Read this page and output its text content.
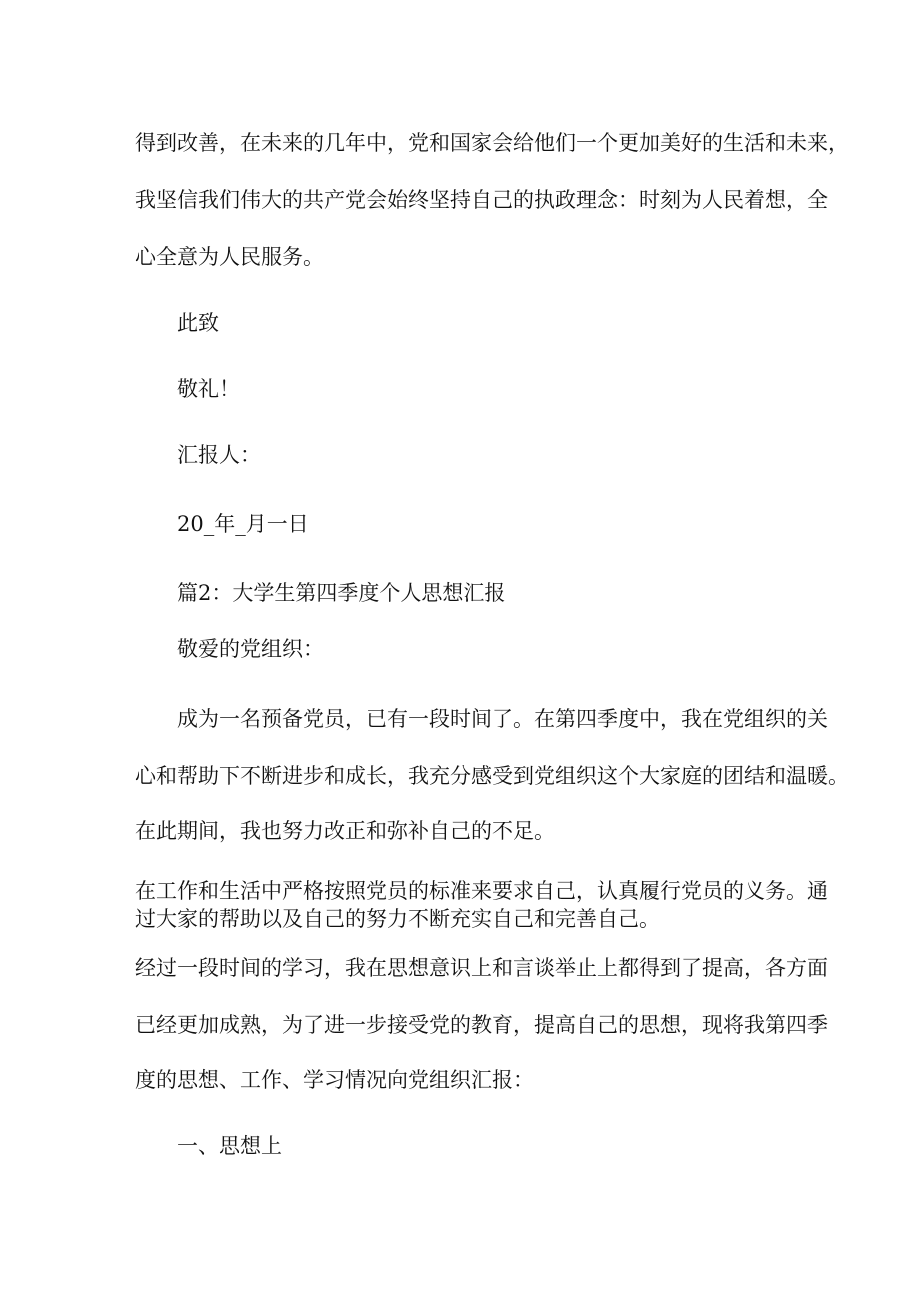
得到改善，在未来的几年中，党和国家会给他们一个更加美好的生活和未来，

我坚信我们伟大的共产党会始终坚持自己的执政理念：时刻为人民着想，全

心全意为人民服务。

此致

敬礼！

汇报人：

20_年_月一日

篇2：大学生第四季度个人思想汇报

敬爱的党组织：

成为一名预备党员，已有一段时间了。在第四季度中，我在党组织的关

心和帮助下不断进步和成长，我充分感受到党组织这个大家庭的团结和温暖。

在此期间，我也努力改正和弥补自己的不足。

在工作和生活中严格按照党员的标准来要求自己，认真履行党员的义务。通

过大家的帮助以及自己的努力不断充实自己和完善自己。

经过一段时间的学习，我在思想意识上和言谈举止上都得到了提高，各方面

已经更加成熟，为了进一步接受党的教育，提高自己的思想，现将我第四季

度的思想、工作、学习情况向党组织汇报：

一、思想上
